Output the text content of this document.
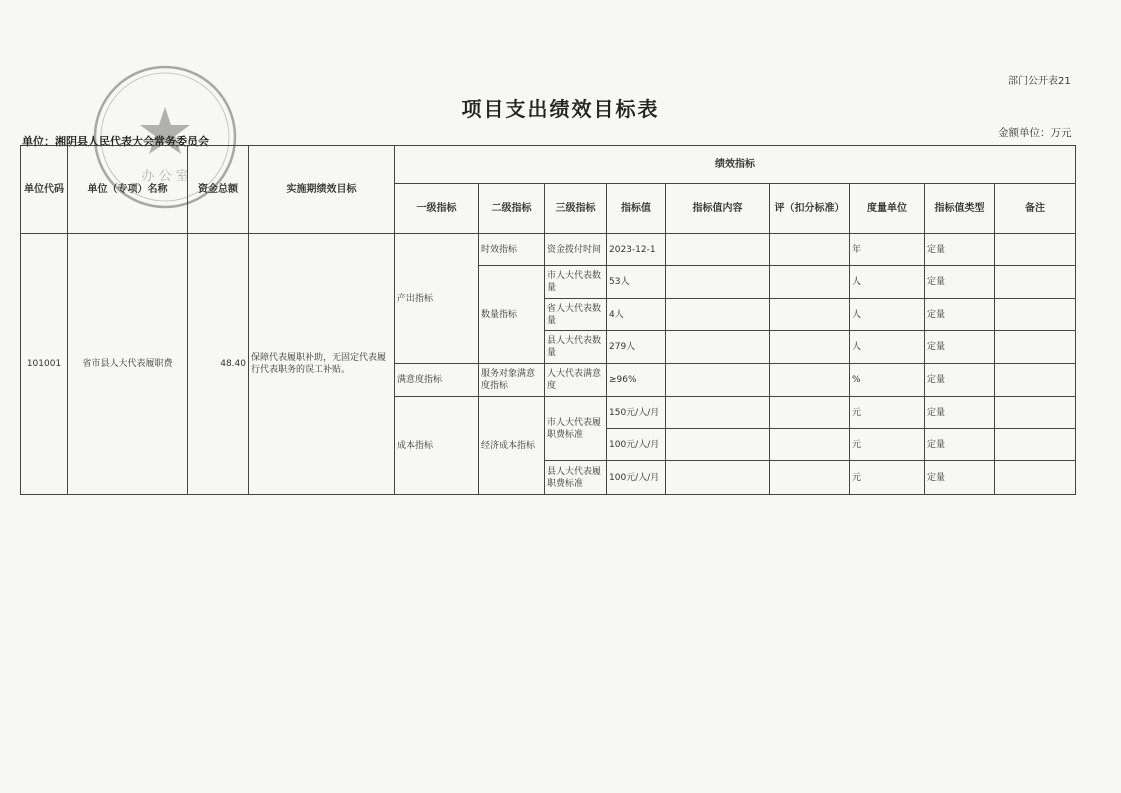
办 公 室
部门公开表21
项目支出绩效目标表
单位：湘阴县人民代表大会常务委员会
金额单位：万元
单位代码	单位（专项）名称	资金总额	实施期绩效目标	绩效指标								
				一级指标	二级指标	三级指标	指标值	指标值内容	评（扣分标准）	度量单位	指标值类型	备注
101001	省市县人大代表履职费	48.40	保障代表履职补助，无固定代表履行代表职务的误工补贴。	产出指标	时效指标	资金拨付时间	2023-12-1			年	定量	
					数量指标	市人大代表数量	53人			人	定量	
						省人大代表数量	4人			人	定量	
						县人大代表数量	279人			人	定量	
				满意度指标	服务对象满意度指标	人大代表满意度	≥96%			%	定量	
				成本指标	经济成本指标	市人大代表履职费标准	150元/人/月			元	定量	
							100元/人/月			元	定量	
						县人大代表履职费标准	100元/人/月			元	定量	
